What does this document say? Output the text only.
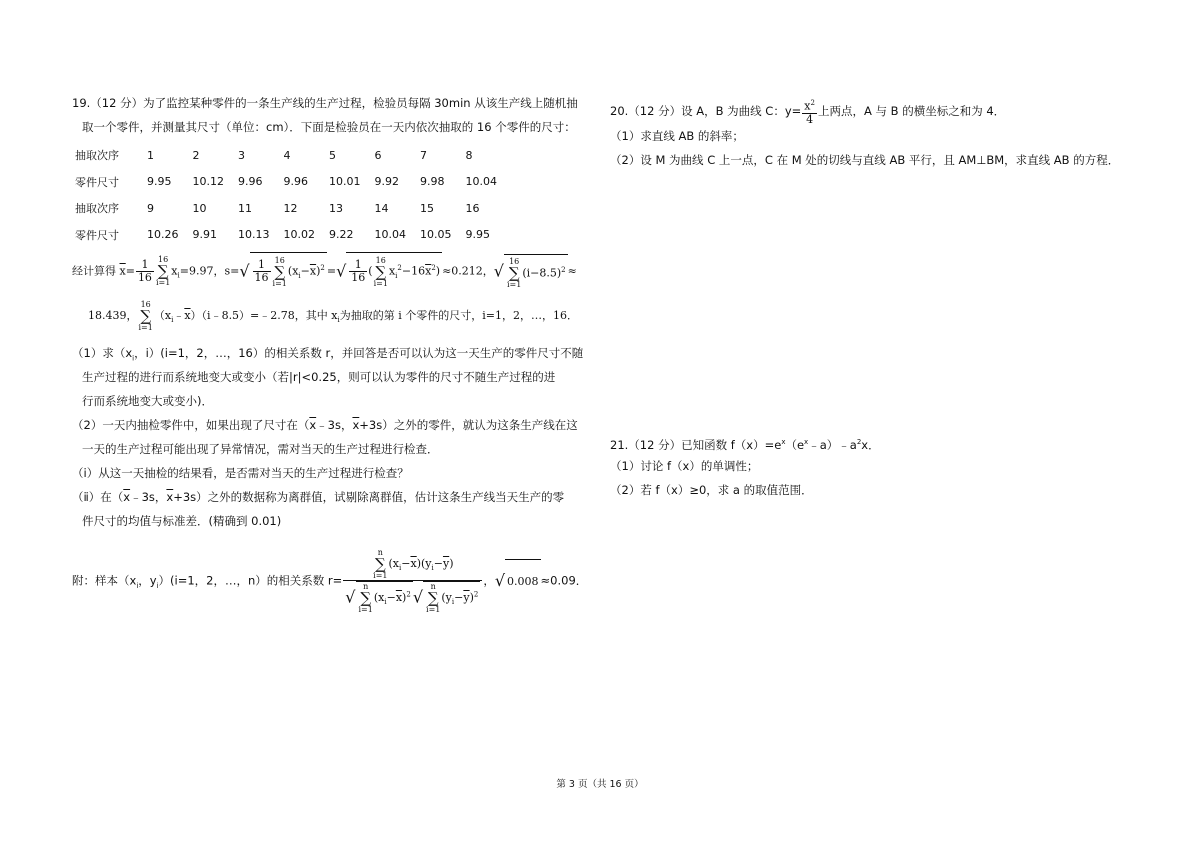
19.（12 分）为了监控某种零件的一条生产线的生产过程，检验员每隔 30min 从该生产线上随机抽
取一个零件，并测量其尺寸（单位：cm）．下面是检验员在一天内依次抽取的 16 个零件的尺寸：
抽取次序	1	2	3	4	5	6	7	8
零件尺寸	9.95	10.12	9.96	9.96	10.01	9.92	9.98	10.04
抽取次序	9	10	11	12	13	14	15	16
零件尺寸	10.26	9.91	10.13	10.02	9.22	10.04	10.05	9.95
经计算得 $\overline{x}= \frac{1}{16} 16$
∑
$i=1x_i=9.97$，$s=√ \frac{1}{16} 16$
∑
$i=1(x_i-\overline{x})^2$ =√ $\frac{1}{16} (16$
∑
$i=1x_i^2-16\overline{x}^2) \approx 0.212$，√ 16
∑
$i=1(i-8.5)^2$ ≈
18.439，16
∑
$i=1(x_i﹣\overline{x})(i﹣8.5)=﹣2.78$，其中 $x_i$为抽取的第 i 个零件的尺寸，i=1，2，…，16．
（1）求（$x_i$，i）(i=1，2，…，16）的相关系数 r，并回答是否可以认为这一天生产的零件尺寸不随
生产过程的进行而系统地变大或变小（若|r|<0.25，则可以认为零件的尺寸不随生产过程的进
行而系统地变大或变小)．
（2）一天内抽检零件中，如果出现了尺寸在（$\overline{x}﹣3s$，$\overline{x}+3s$）之外的零件，就认为这条生产线在这
一天的生产过程可能出现了异常情况，需对当天的生产过程进行检查．
（ⅰ）从这一天抽检的结果看，是否需对当天的生产过程进行检查？
（ⅱ）在（$\overline{x}﹣3s$，$\overline{x}+3s$）之外的数据称为离群值，试剔除离群值，估计这条生产线当天生产的零
件尺寸的均值与标准差．(精确到 0.01)
附：样本（$x_i$，$y_i)(i=1$，2，…，n）的相关系数 r= n
∑
$i=1(x_i-\overline{x})(y_i-\overline{y})$
√n
∑
$i=1(x_i-\overline{x})^2$ √n
∑
$i=1(y_i-\overline{y})^2$ ，√ 0.008 ≈0.09．
20.（12 分）设 A，B 为曲线 C：$y= \frac{x^2}{4}$ 上两点，A 与 B 的横坐标之和为 4．
（1）求直线 AB 的斜率；
（2）设 M 为曲线 C 上一点，C 在 M 处的切线与直线 AB 平行，且 AM⊥BM，求直线 AB 的方程．
21.（12 分）已知函数 $f(x)=e^x(e^x﹣a)﹣a^2x$．
（1）讨论 f（x）的单调性；
（2）若 f（x）≥0，求 a 的取值范围．
第 3 页（共 16 页）
